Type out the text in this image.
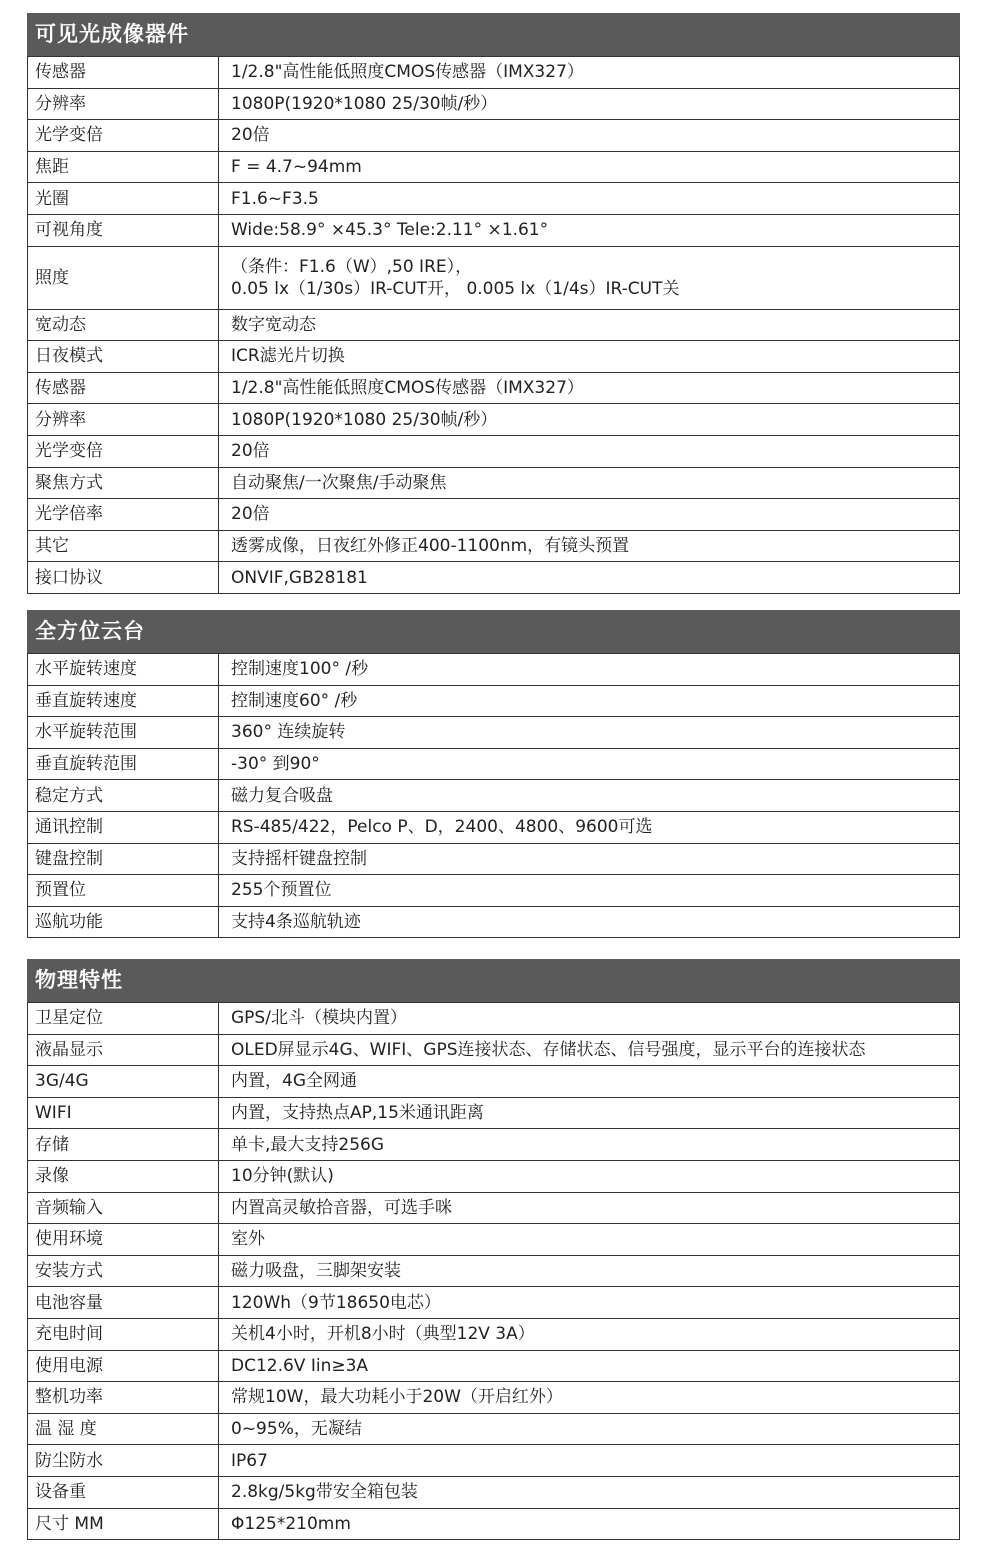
可见光成像器件
传感器	1/2.8"高性能低照度CMOS传感器（IMX327）

分辨率	1080P(1920*1080 25/30帧/秒）

光学变倍	20倍

焦距	F = 4.7~94mm

光圈	F1.6~F3.5

可视角度	Wide:58.9° ×45.3° Tele:2.11° ×1.61°

照度	（条件：F1.6（W）,50 IRE），
0.05 lx（1/30s）IR-CUT开， 0.005 lx（1/4s）IR-CUT关

宽动态	数字宽动态

日夜模式	ICR滤光片切换

传感器	1/2.8"高性能低照度CMOS传感器（IMX327）

分辨率	1080P(1920*1080 25/30帧/秒）

光学变倍	20倍

聚焦方式	自动聚焦/一次聚焦/手动聚焦

光学倍率	20倍

其它	透雾成像，日夜红外修正400-1100nm，有镜头预置

接口协议	ONVIF,GB28181
全方位云台
水平旋转速度	控制速度100° /秒

垂直旋转速度	控制速度60° /秒

水平旋转范围	360° 连续旋转

垂直旋转范围	-30° 到90°

稳定方式	磁力复合吸盘

通讯控制	RS-485/422，Pelco P、D，2400、4800、9600可选

键盘控制	支持摇杆键盘控制

预置位	255个预置位

巡航功能	支持4条巡航轨迹
物理特性
卫星定位	GPS/北斗（模块内置）

液晶显示	OLED屏显示4G、WIFI、GPS连接状态、存储状态、信号强度，显示平台的连接状态

3G/4G	内置，4G全网通

WIFI	内置，支持热点AP,15米通讯距离

存储	单卡,最大支持256G

录像	10分钟(默认)

音频输入	内置高灵敏拾音器，可选手咪

使用环境	室外

安装方式	磁力吸盘，三脚架安装

电池容量	120Wh（9节18650电芯）

充电时间	关机4小时，开机8小时（典型12V 3A）

使用电源	DC12.6V Iin≥3A

整机功率	常规10W，最大功耗小于20W（开启红外）

温 湿 度	0~95%，无凝结

防尘防水	IP67

设备重	2.8kg/5kg带安全箱包装

尺寸 MM	Φ125*210mm
